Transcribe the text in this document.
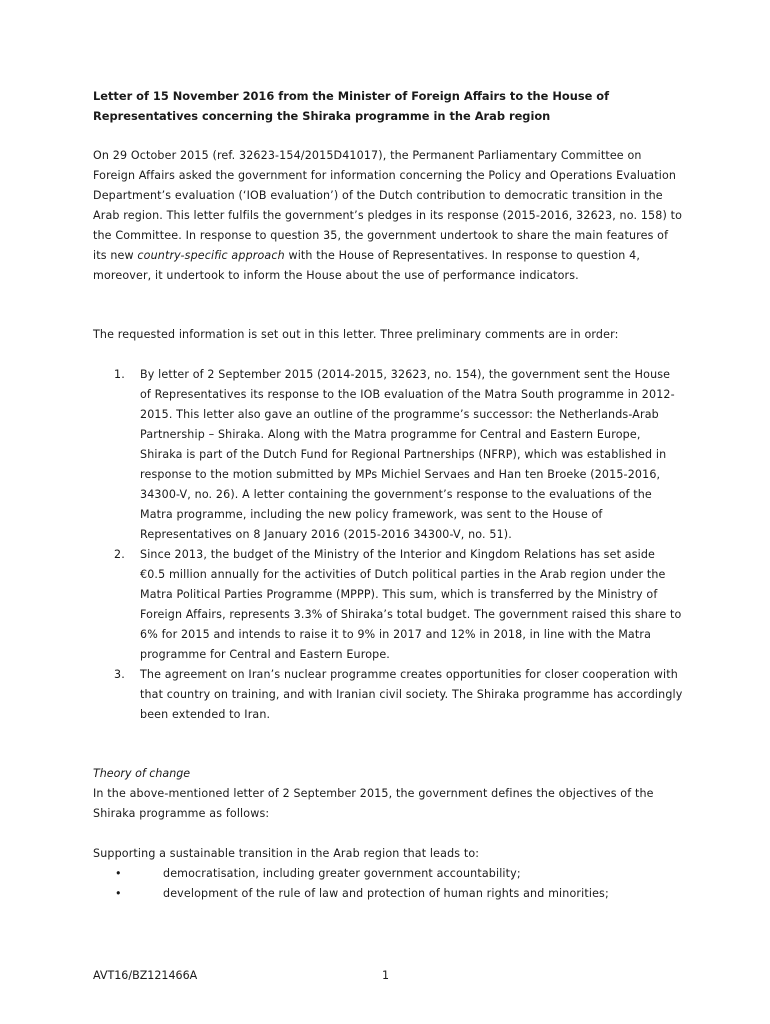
Letter of 15 November 2016 from the Minister of Foreign Affairs to the House of
Representatives concerning the Shiraka programme in the Arab region
On 29 October 2015 (ref. 32623-154/2015D41017), the Permanent Parliamentary Committee on Foreign Affairs asked the government for information concerning the Policy and Operations Evaluation Department’s evaluation (‘IOB evaluation’) of the Dutch contribution to democratic transition in the Arab region. This letter fulfils the government’s pledges in its response (2015-2016, 32623, no. 158) to the Committee. In response to question 35, the government undertook to share the main features of its new country-specific approach with the House of Representatives. In response to question 4, moreover, it undertook to inform the House about the use of performance indicators.
The requested information is set out in this letter. Three preliminary comments are in order:
1. By letter of 2 September 2015 (2014-2015, 32623, no. 154), the government sent the House of Representatives its response to the IOB evaluation of the Matra South programme in 2012-2015. This letter also gave an outline of the programme’s successor: the Netherlands-Arab Partnership – Shiraka. Along with the Matra programme for Central and Eastern Europe, Shiraka is part of the Dutch Fund for Regional Partnerships (NFRP), which was established in response to the motion submitted by MPs Michiel Servaes and Han ten Broeke (2015-2016, 34300-V, no. 26). A letter containing the government’s response to the evaluations of the Matra programme, including the new policy framework, was sent to the House of Representatives on 8 January 2016 (2015-2016 34300-V, no. 51).
2. Since 2013, the budget of the Ministry of the Interior and Kingdom Relations has set aside €0.5 million annually for the activities of Dutch political parties in the Arab region under the Matra Political Parties Programme (MPPP). This sum, which is transferred by the Ministry of Foreign Affairs, represents 3.3% of Shiraka’s total budget. The government raised this share to 6% for 2015 and intends to raise it to 9% in 2017 and 12% in 2018, in line with the Matra programme for Central and Eastern Europe.
3. The agreement on Iran’s nuclear programme creates opportunities for closer cooperation with that country on training, and with Iranian civil society. The Shiraka programme has accordingly been extended to Iran.
Theory of change
In the above-mentioned letter of 2 September 2015, the government defines the objectives of the Shiraka programme as follows:
Supporting a sustainable transition in the Arab region that leads to:
•	democratisation, including greater government accountability;
•	development of the rule of law and protection of human rights and minorities;
AVT16/BZ121466A	1
